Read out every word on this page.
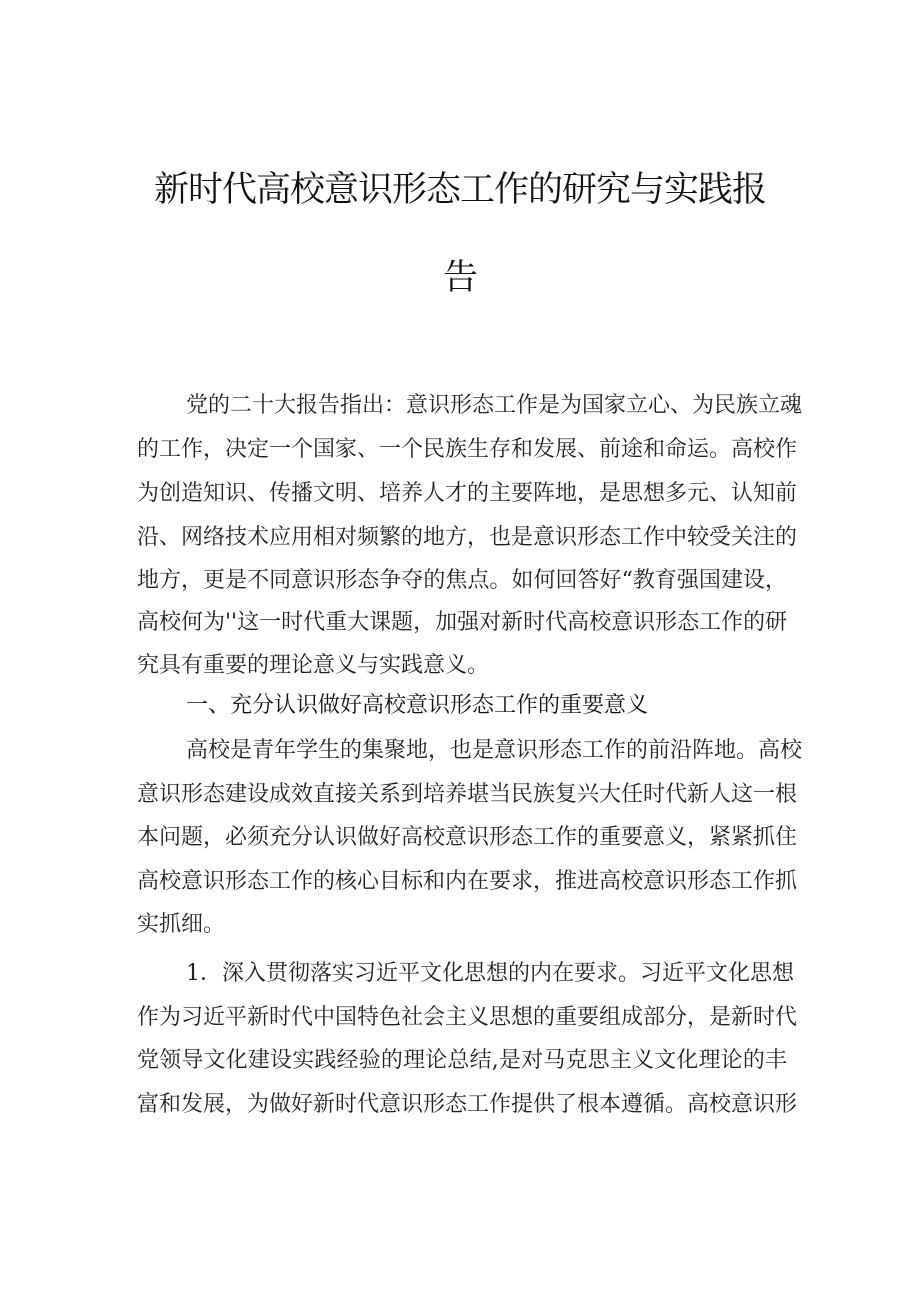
新时代高校意识形态工作的研究与实践报
告
党的二十大报告指出：意识形态工作是为国家立心、为民族立魂
的工作，决定一个国家、一个民族生存和发展、前途和命运。高校作
为创造知识、传播文明、培养人才的主要阵地，是思想多元、认知前
沿、网络技术应用相对频繁的地方，也是意识形态工作中较受关注的
地方，更是不同意识形态争夺的焦点。如何回答好“教育强国建设，
高校何为''这一时代重大课题，加强对新时代高校意识形态工作的研
究具有重要的理论意义与实践意义。
一、充分认识做好高校意识形态工作的重要意义
高校是青年学生的集聚地，也是意识形态工作的前沿阵地。高校
意识形态建设成效直接关系到培养堪当民族复兴大任时代新人这一根
本问题，必须充分认识做好高校意识形态工作的重要意义，紧紧抓住
高校意识形态工作的核心目标和内在要求，推进高校意识形态工作抓
实抓细。
1．深入贯彻落实习近平文化思想的内在要求。习近平文化思想
作为习近平新时代中国特色社会主义思想的重要组成部分，是新时代
党领导文化建设实践经验的理论总结,是对马克思主义文化理论的丰
富和发展，为做好新时代意识形态工作提供了根本遵循。高校意识形
